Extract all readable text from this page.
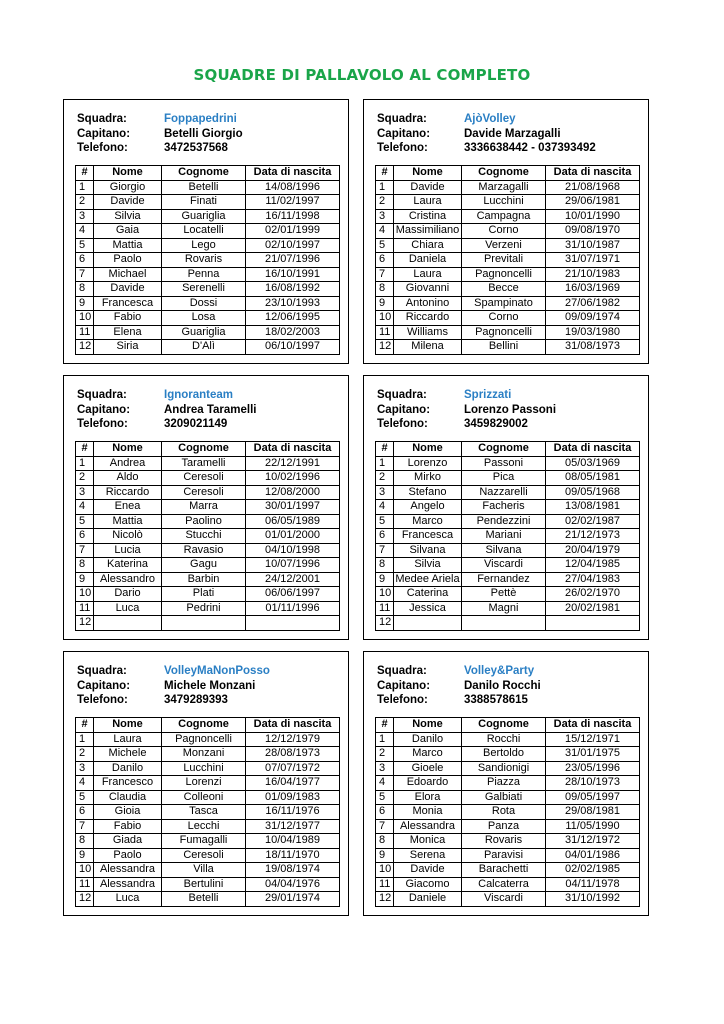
SQUADRE DI PALLAVOLO AL COMPLETO
Squadra:	Foppapedrini
Capitano:	Betelli Giorgio
Telefono:	3472537568
#	Nome	Cognome	Data di nascita
1	Giorgio	Betelli	14/08/1996
2	Davide	Finati	11/02/1997
3	Silvia	Guariglia	16/11/1998
4	Gaia	Locatelli	02/01/1999
5	Mattia	Lego	02/10/1997
6	Paolo	Rovaris	21/07/1996
7	Michael	Penna	16/10/1991
8	Davide	Serenelli	16/08/1992
9	Francesca	Dossi	23/10/1993
10	Fabio	Losa	12/06/1995
11	Elena	Guariglia	18/02/2003
12	Siria	D'Alì	06/10/1997
Squadra:	AjòVolley
Capitano:	Davide Marzagalli
Telefono:	3336638442 - 037393492
#	Nome	Cognome	Data di nascita
1	Davide	Marzagalli	21/08/1968
2	Laura	Lucchini	29/06/1981
3	Cristina	Campagna	10/01/1990
4	Massimiliano	Corno	09/08/1970
5	Chiara	Verzeni	31/10/1987
6	Daniela	Previtali	31/07/1971
7	Laura	Pagnoncelli	21/10/1983
8	Giovanni	Becce	16/03/1969
9	Antonino	Spampinato	27/06/1982
10	Riccardo	Corno	09/09/1974
11	Williams	Pagnoncelli	19/03/1980
12	Milena	Bellini	31/08/1973
Squadra:	Ignoranteam
Capitano:	Andrea Taramelli
Telefono:	3209021149
#	Nome	Cognome	Data di nascita
1	Andrea	Taramelli	22/12/1991
2	Aldo	Ceresoli	10/02/1996
3	Riccardo	Ceresoli	12/08/2000
4	Enea	Marra	30/01/1997
5	Mattia	Paolino	06/05/1989
6	Nicolò	Stucchi	01/01/2000
7	Lucia	Ravasio	04/10/1998
8	Katerina	Gagu	10/07/1996
9	Alessandro	Barbin	24/12/2001
10	Dario	Plati	06/06/1997
11	Luca	Pedrini	01/11/1996
12			
Squadra:	Sprizzati
Capitano:	Lorenzo Passoni
Telefono:	3459829002
#	Nome	Cognome	Data di nascita
1	Lorenzo	Passoni	05/03/1969
2	Mirko	Pica	08/05/1981
3	Stefano	Nazzarelli	09/05/1968
4	Angelo	Facheris	13/08/1981
5	Marco	Pendezzini	02/02/1987
6	Francesca	Mariani	21/12/1973
7	Silvana	Silvana	20/04/1979
8	Silvia	Viscardi	12/04/1985
9	Medee Ariela	Fernandez	27/04/1983
10	Caterina	Pettè	26/02/1970
11	Jessica	Magni	20/02/1981
12			
Squadra:	VolleyMaNonPosso
Capitano:	Michele Monzani
Telefono:	3479289393
#	Nome	Cognome	Data di nascita
1	Laura	Pagnoncelli	12/12/1979
2	Michele	Monzani	28/08/1973
3	Danilo	Lucchini	07/07/1972
4	Francesco	Lorenzi	16/04/1977
5	Claudia	Colleoni	01/09/1983
6	Gioia	Tasca	16/11/1976
7	Fabio	Lecchi	31/12/1977
8	Giada	Fumagalli	10/04/1989
9	Paolo	Ceresoli	18/11/1970
10	Alessandra	Villa	19/08/1974
11	Alessandra	Bertulini	04/04/1976
12	Luca	Betelli	29/01/1974
Squadra:	Volley&Party
Capitano:	Danilo Rocchi
Telefono:	3388578615
#	Nome	Cognome	Data di nascita
1	Danilo	Rocchi	15/12/1971
2	Marco	Bertoldo	31/01/1975
3	Gioele	Sandionigi	23/05/1996
4	Edoardo	Piazza	28/10/1973
5	Elora	Galbiati	09/05/1997
6	Monia	Rota	29/08/1981
7	Alessandra	Panza	11/05/1990
8	Monica	Rovaris	31/12/1972
9	Serena	Paravisi	04/01/1986
10	Davide	Barachetti	02/02/1985
11	Giacomo	Calcaterra	04/11/1978
12	Daniele	Viscardi	31/10/1992
